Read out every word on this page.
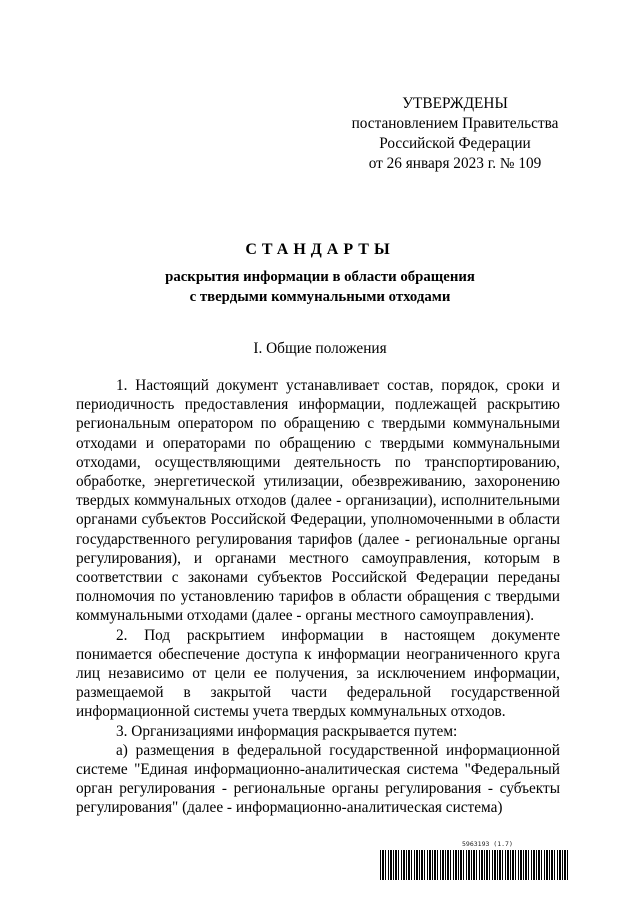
УТВЕРЖДЕНЫ
постановлением Правительства
Российской Федерации
от 26 января 2023 г. № 109
СТАНДАРТЫ
раскрытия информации в области обращения
с твердыми коммунальными отходами
I. Общие положения

1. Настоящий документ устанавливает состав, порядок, сроки и периодичность предоставления информации, подлежащей раскрытию региональным оператором по обращению с твердыми коммунальными отходами и операторами по обращению с твердыми коммунальными отходами, осуществляющими деятельность по транспортированию, обработке, энергетической утилизации, обезвреживанию, захоронению твердых коммунальных отходов (далее - организации), исполнительными органами субъектов Российской Федерации, уполномоченными в области государственного регулирования тарифов (далее - региональные органы регулирования), и органами местного самоуправления, которым в соответствии с законами субъектов Российской Федерации переданы полномочия по установлению тарифов в области обращения с твердыми коммунальными отходами (далее - органы местного самоуправления).

2. Под раскрытием информации в настоящем документе понимается обеспечение доступа к информации неограниченного круга лиц независимо от цели ее получения, за исключением информации, размещаемой в закрытой части федеральной государственной информационной системы учета твердых коммунальных отходов.

3. Организациями информация раскрывается путем:

а) размещения в федеральной государственной информационной системе "Единая информационно-аналитическая система "Федеральный орган регулирования - региональные органы регулирования - субъекты регулирования" (далее - информационно-аналитическая система)

5963193 (1.7)
